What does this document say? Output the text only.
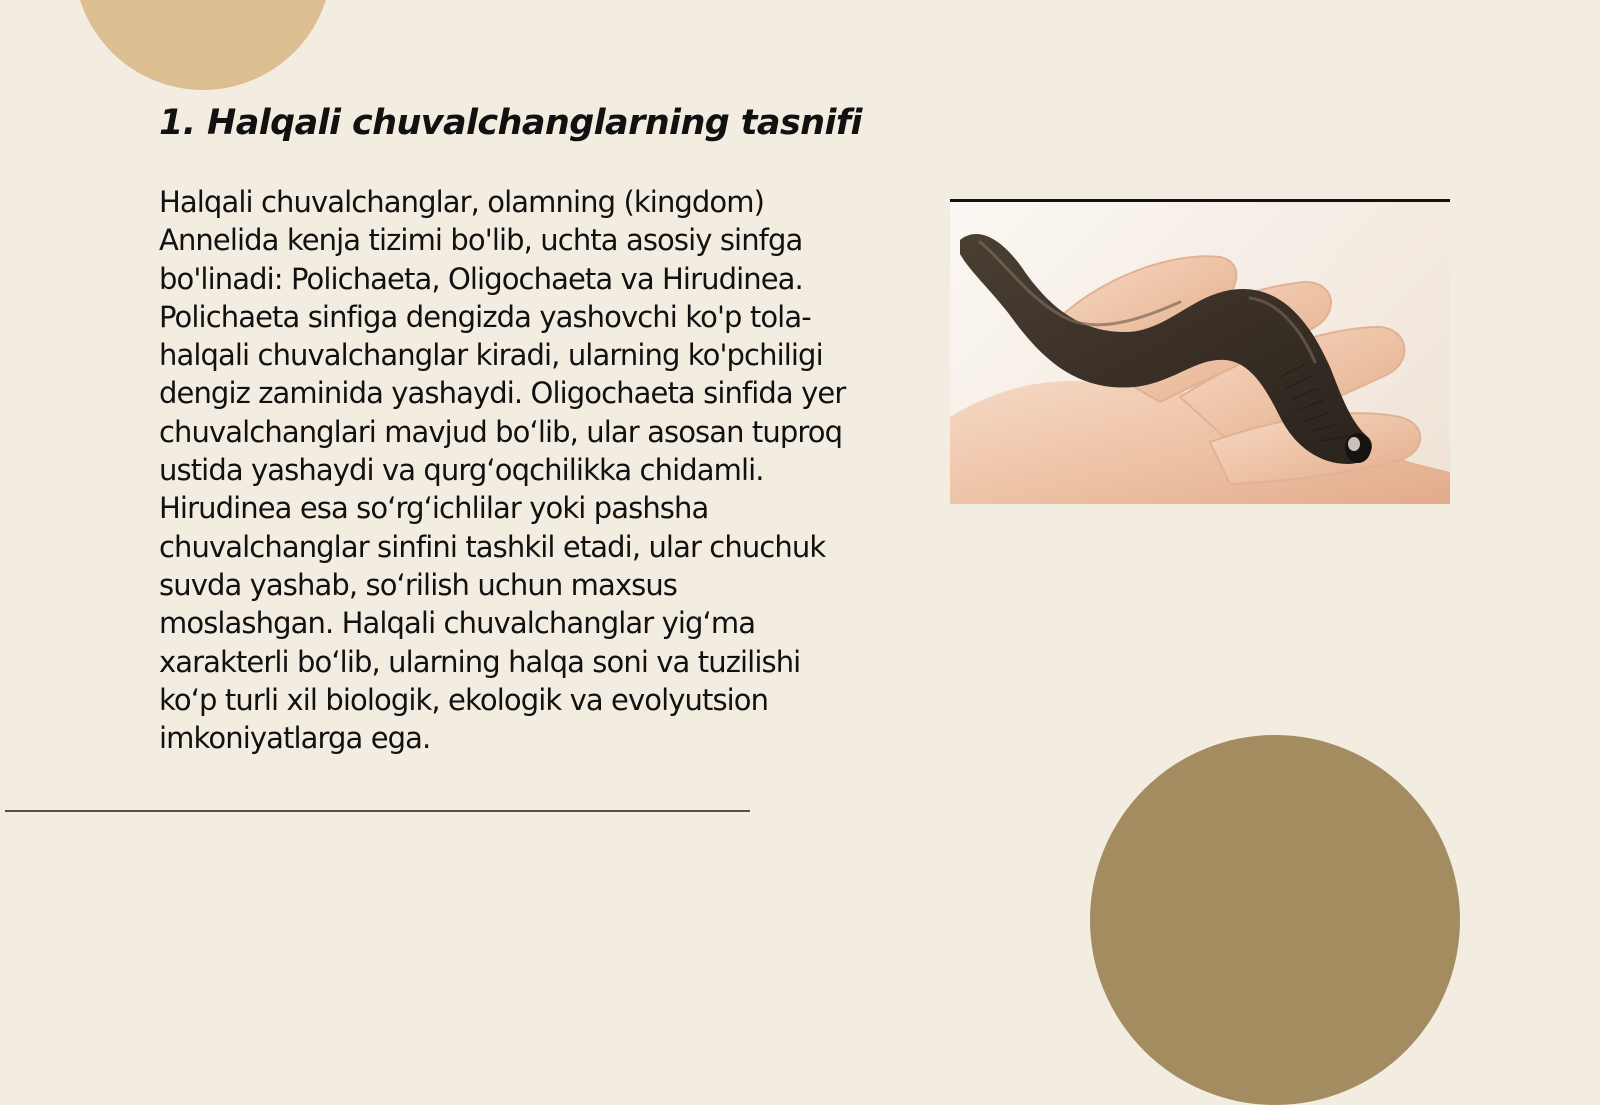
1. Halqali chuvalchanglarning tasnifi

Halqali chuvalchanglar, olamning (kingdom) Annelida kenja tizimi bo'lib, uchta asosiy sinfga bo'linadi: Polichaeta, Oligochaeta va Hirudinea. Polichaeta sinfiga dengizda yashovchi ko'p tola-halqali chuvalchanglar kiradi, ularning ko'pchiligi dengiz zaminida yashaydi. Oligochaeta sinfida yer chuvalchanglari mavjud bo‘lib, ular asosan tuproq ustida yashaydi va qurg‘oqchilikka chidamli. Hirudinea esa so‘rg‘ichlilar yoki pashsha chuvalchanglar sinfini tashkil etadi, ular chuchuk suvda yashab, so‘rilish uchun maxsus moslashgan. Halqali chuvalchanglar yig‘ma xarakterli bo‘lib, ularning halqa soni va tuzilishi ko‘p turli xil biologik, ekologik va evolyutsion imkoniyatlarga ega.
